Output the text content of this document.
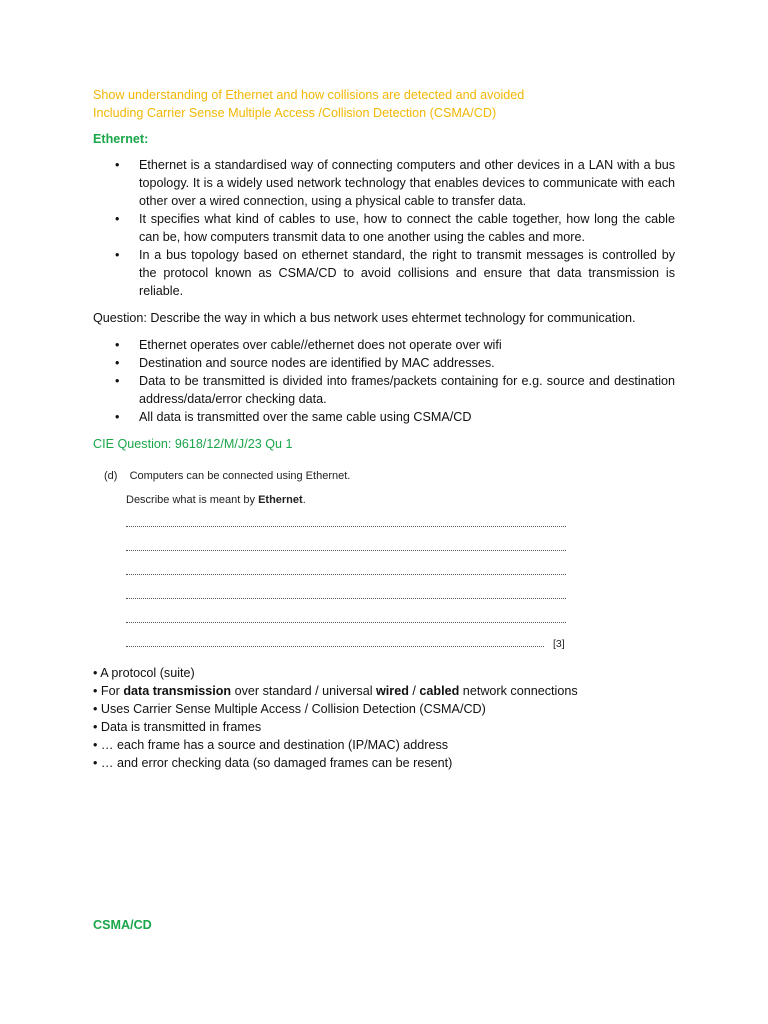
Show understanding of Ethernet and how collisions are detected and avoided
Including Carrier Sense Multiple Access /Collision Detection (CSMA/CD)
Ethernet:
• Ethernet is a standardised way of connecting computers and other devices in a LAN with a bus topology. It is a widely used network technology that enables devices to communicate with each other over a wired connection, using a physical cable to transfer data.
• It specifies what kind of cables to use, how to connect the cable together, how long the cable can be, how computers transmit data to one another using the cables and more.
• In a bus topology based on ethernet standard, the right to transmit messages is controlled by the protocol known as CSMA/CD to avoid collisions and ensure that data transmission is reliable.

Question: Describe the way in which a bus network uses ehtermet technology for communication.

• Ethernet operates over cable//ethernet does not operate over wifi
• Destination and source nodes are identified by MAC addresses.
• Data to be transmitted is divided into frames/packets containing for e.g. source and destination address/data/error checking data.
• All data is transmitted over the same cable using CSMA/CD
CIE Question: 9618/12/M/J/23 Qu 1
(d) Computers can be connected using Ethernet.
Describe what is meant by Ethernet.
[3]
• A protocol (suite)
• For data transmission over standard / universal wired / cabled network connections
• Uses Carrier Sense Multiple Access / Collision Detection (CSMA/CD)
• Data is transmitted in frames
• … each frame has a source and destination (IP/MAC) address
• … and error checking data (so damaged frames can be resent)
CSMA/CD
